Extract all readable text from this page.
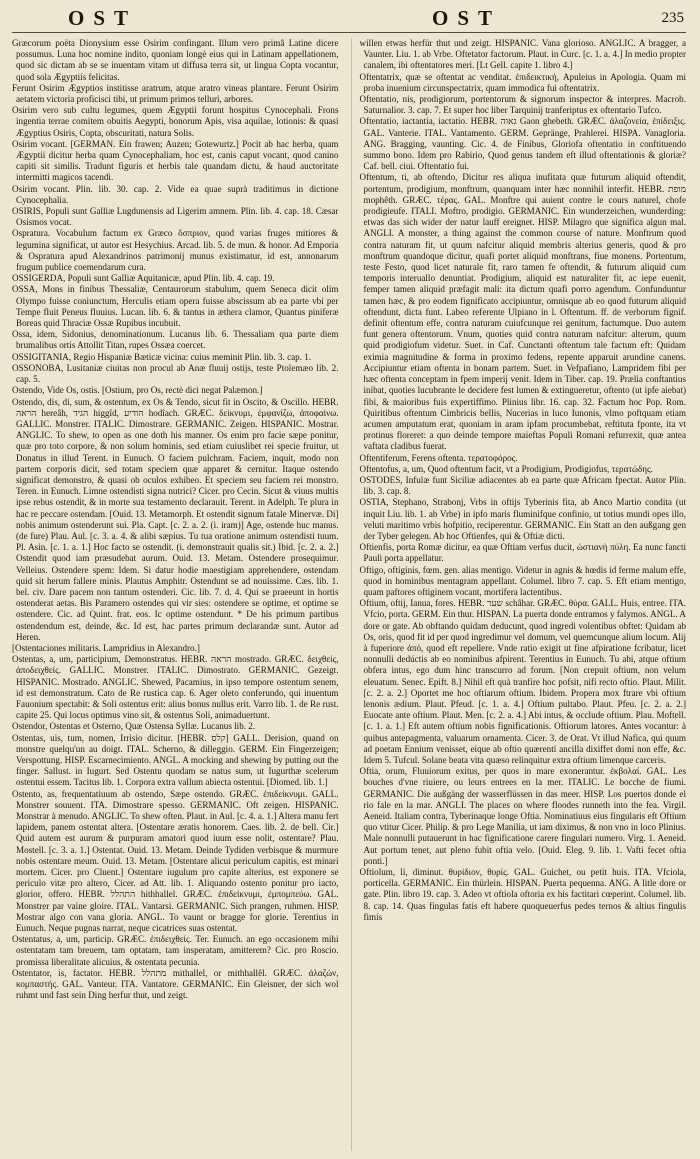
OST	OST	235

Græcorum poëta Dionysium esse Osirim confingant. Illum vero primâ Latine dicere possumus. Luna hoc nomine indito, quoniam longè eius qui in Latinam appellationem, quod sic dictam ab se se inuentam vitam ut diffusa terra sit, ut lingua Copta vocantur, quod sola Ægyptiis felicitas.

Ferunt Osirim Ægyptios institisse aratrum, atque aratro vineas plantare. Ferunt Osirim aetatem victoria proficisci tibi, ut primum primos telluri, arbores.

Osirim vero sub cultu legumes, quem Ægyptii forunt hospitus Cynocephali. Frons ingentia terrae comitem obuitis Aegypti, bonorum Apis, visa aquilae, lotionis: & quasi Ægyptius Osiris, Copta, obscuritati, natura Solis.

Osirim vocant. [GERMAN. Ein frawen; Auzen; Gotewurtz.] Pocit ab hac herba, quam Ægyptii dicitur herba quam Cynocephaliam, hoc est, canis caput vocant, quod canino capiti sit similis. Tradunt figuris et herbis tale quandam dictu, & haud auctoritate intermitti magicos tacendi.

Osirim vocant. Plin. lib. 30. cap. 2. Vide ea quae suprà traditimus in dictione Cynocephalia.

OSIRIS, Populi sunt Galliæ Lugdunensis ad Ligerim amnem. Plin. lib. 4. cap. 18. Cæsar Osismos vocat.

Ospratura. Vocabulum factum ex Græco ὄσπριον, quod varias fruges mitiores & legumina significat, ut autor est Hesychius. Arcad. lib. 5. de mun. & honor. Ad Emporia & Ospratura apud Alexandrinos patrimonij munus existimatur, id est, annonarum frugum publice coemendarum cura.

OSSIGERDA, Populi sunt Galliæ Aquitanicæ, apud Plin. lib. 4. cap. 19.

OSSA, Mons in finibus Thessaliæ, Centaurorum stabulum, quem Seneca dicit olim Olympo fuisse coniunctum, Herculis etiam opera fuisse abscissum ab ea parte vbi per Tempe fluit Peneus fluuius. Lucan. lib. 6. & tantus in æthera clamor, Quantus piniferæ Boreas quid Thraciæ Ossæ Rupibus incubuit.

Ossa, idem, Sidonius, denominationum. Lucanus lib. 6. Thessaliam qua parte diem brumalibus ortis Attollit Titan, rupes Ossæa coercet.

OSSIGITANIA, Regio Hispaniæ Bæticæ vicina: cuius meminit Plin. lib. 3. cap. 1.

OSSONOBA, Lusitaniæ ciuitas non procul ab Anæ fluuij ostijs, teste Ptolemæo lib. 2. cap. 5.

Ostendo, Vide Os, ostis. [Ostium, pro Os, rectè dici negat Palæmon.]

Ostendo, dis, di, sum, & ostentum, ex Os & Tendo, sicut fit in Oscito, & Oscillo. HEBR. הראה hereâh, הגיד higgîd, הודיע hodîach. GRÆC. δείκνυμι, ἐμφανίζω, ἀποφαίνω. GALLIC. Monstrer. ITALIC. Dimostrare. GERMANIC. Zeigen. HISPANIC. Mostrar. ANGLIC. To shew, to open as one doth his manner. Os enim pro facie sæpe ponitur, quæ pro toto corpore, & non solum hominis, sed etiam cuiuslibet rei specie fruitur, ut Donatus in illud Terent. in Eunuch. O faciem pulchram. Faciem, inquit, modo non partem corporis dicit, sed totam speciem quæ apparet & cernitur. Itaque ostendo significat demonstro, & quasi ob oculos exhibeo. Et speciem seu faciem rei monstro. Teren. in Eunuch. Limne ostendisti signa nutrici? Cicer. pro Cecin. Sicut & viuus multis ipse rebus ostendit, & in morte sua testamento declarauit. Terent. in Adelph. Te plura in hac re peccare ostendam. [Ouid. 13. Metamorph. Et ostendit signum fatale Minervæ. Di] nobis animum ostenderunt sui. Pla. Capt. [c. 2. a. 2. (i. iram)] Age, ostende huc manus. (de fure) Plau. Aul. [c. 3. a. 4. & alibi sæpius. Tu tua oratione animum ostendisti tuum. Pl. Asin. [c. 1. a. 1.] Hoc facto se ostendit. (i. demonstrauit qualis sit.) Ibid. [c. 2. a. 2.] Ostendit quod iam præsudebat aurum. Ouid. 13. Metam. Ostendere prosequimur. Velleius. Ostendere spem: Idem. Si datur hodie maestigiam apprehendere, ostendam quid sit herum fallere minis. Plautus Amphitr. Ostendunt se ad nouissime. Cæs. lib. 1. bel. civ. Dare pacem non tantum ostenderi. Cic. lib. 7. d. 4. Qui se praeeunt in hortis ostenderat aetas. Bis Paramero ostendes qui vir sies: ostendere se optime, et optime se ostendere. Cic. ad Quint. frat. eos. Ic optime ostendunt. * De his primum partibus ostendendum est, deinde, &c. Id est, hac partes primum declarandæ sunt. Autor ad Heren.

[Ostentaciones militaris. Lampridius in Alexandro.]

Ostentas, a, um, participium, Demonstratus. HEBR. הראה mostrado. GRÆC. δειχθείς, ἀποδειχθείς. GALLIC. Monstrer. ITALIC. Dimostrato. GERMANIC. Gezeigt. HISPANIC. Mostrado. ANGLIC. Shewed, Pacamius, in ipso tempore ostentum senem, id est demonstratum. Cato de Re rustica cap. 6. Ager oleto conferundo, qui inuentum Fauonium spectabit: & Soli ostentus erit: alius bonus nullus erit. Varro lib. 1. de Re rust. capite 25. Qui locus optimus vino sit, & ostentus Soli, animaduertunt.

Ostendor, Ostentas et Osterno, Quæ Ostensa Syllæ. Lucanus lib. 2.

Ostentas, uis, tum, nomen, Irrisio dicitur. [HEBR. קלס] GALL. Derision, quand on monstre quelqu'un au doigt. ITAL. Scherno, & dilleggio. GERM. Ein Fingerzeigen; Verspottung. HISP. Escarnecimiento. ANGL. A mocking and shewing by putting out the finger. Sallust. in Iugurt. Sed Ostentu quodam se natus sum, ut Iugurthæ scelerum ostentui essem. Tacitus lib. 1. Corpora extra vallum abiecta ostentui. [Diomed. lib. 1.]

Ostento, as, frequentatiuum ab ostendo, Sæpe ostendo. GRÆC. ἐπιδείκνυμι. GALL. Monstrer souuent. ITA. Dimostrare spesso. GERMANIC. Oft zeigen. HISPANIC. Monstrar à menudo. ANGLIC. To shew often. Plaut. in Aul. [c. 4. a. 1.] Altera manu fert lapidem, panem ostentat altera. [Ostentare æratis honorem. Caes. lib. 2. de bell. Cir.] Quid autem est aurum & purpuram amatori quod iuum esse nolit, ostentare? Plau. Mostell. [c. 3. a. 1.] Ostentat. Ouid. 13. Metam. Deinde Tydiden verbisque & murmure nobis ostentare meum. Ouid. 13. Metam. [Ostentare alicui periculum capitis, est minari mortem. Cicer. pro Cluent.] Ostentare iugulum pro capite alterius, est exponere se periculo vitæ pro altero, Cicer. ad Att. lib. 1. Aliquando ostento ponitur pro iacto, glorior, offero. HEBR. התהלל hithhallel. GRÆC. ἐπιδείκνυμι, ἐμπομπεύω. GAL. Monstrer par vaine gloire. ITAL. Vantarsi. GERMANIC. Sich prangen, ruhmen. HISP. Mostrar algo con vana gloria. ANGL. To vaunt or bragge for glorie. Terentius in Eunuch. Neque pugnas narrat, neque cicatrices suas ostentat.

Ostentatus, a, um, particip. GRÆC. ἐπιδειχθείς. Ter. Eunuch. an ego occasionem mihi ostentatam tam breuem, tam optatam, tam insperatam, amitterem? Cic. pro Roscio. promissa liberalitate alicuius, & ostentata pecunia.

Ostentator, is, factator. HEBR. מתהלל mithallel, or mithhallêl. GRÆC. ἀλαζών, κομπαστής. GAL. Vanteur. ITA. Vantatore. GERMANIC. Ein Gleisner, der sich wol ruhmt und fast sein Ding herfur thut, und zeigt.

willen etwas herfür thut und zeigt. HISPANIC. Vana glorioso. ANGLIC. A bragger, a Vaunter. Liu. 1. ab Vrbe. Oftetator factorum. Plaut. in Curc. [c. 1. a. 4.] In medio propter canalem, ibi oftentatores meri. [Lt Gell. capite 1. libro 4.]

Oftentatrix, quæ se oftentat ac venditat. ἐπιδεικτική, Apuleius in Apologia. Quam mi proba inuenium circunspectatrix, quam immodica fui oftentatrix.

Oftentatio, nis, prodigiorum, portentorum & signorum inspector & interpres. Macrob. Saturnalior. 3. cap. 7. Et super hoc liber Tarquinij tranferiptus ex oftentario Tufco.

Oftentatio, iactantia, iactatio. HEBR. גאוה Gaon ghebeth. GRÆC. ἀλαζονεία, ἐπίδειξις. GAL. Vanterie. ITAL. Vantamento. GERM. Gepränge, Prahlerei. HISPA. Vanagloria. ANG. Bragging, vaunting. Cic. 4. de Finibus, Gloriofa oftentatio in conftituendo summo bono. Idem pro Rabirio, Quod genus tandem eft illud oftentationis & gloriæ? Caf. bell. ciui. Oftentatio fui.

Oftentum, ti, ab oftendo, Dicitur res aliqua inufitata quæ futurum aliquid oftendit, portentum, prodigium, monftrum, quanquam inter hæc nonnihil interfit. HEBR. מופת mophêth. GRÆC. τέρας. GAL. Monftre qui auient contre le cours naturel, chofe prodigieufe. ITALI. Moftro, prodigio. GERMANIC. Ein wunderzeichen, wunderding: etwas das sich wider der natur lauff ereignet. HISP. Milagro que significa algun mal. ANGLI. A monster, a thing against the common course of nature. Monftrum quod contra naturam fit, ut quum nafcitur aliquid membris alterius generis, quod & pro monftrum quandoque dicitur, quafi portet aliquid monftrans, fiue monens. Portentum, teste Festo, quod licet naturale fit, raro tamen fe oftendit, & futurum aliquid cum temporis interuallo denuntiat. Prodigium, aliquid est naturaliter fit, ac iepe euenit, femper tamen aliquid præfagit mali: ita dictum quafi porro agendum. Confunduntur tamen hæc, & pro eodem fignificato accipiuntur, omnisque ab eo quod futurum aliquid oftendunt, dicta funt. Labeo referente Ulpiano in l. Oftentum. ff. de verborum fignif. definit oftentum effe, contra naturam cuiufcunque rei genitum, factumque. Duo autem funt genera oftentorum. Vnum, quoties quid contra naturam nafcitur: alterum, quum quid prodigiofum videtur. Suet. in Caf. Cunctanti oftentum tale factum eft: Quidam eximia magnitudine & forma in proximo fedens, repente apparuit arundine canens. Accipiuntur etiam oftenta in bonam partem. Suet. in Vefpafiano, Lampridem fibi per hæc oftenta conceptam in fpem imperij venit. Idem in Tiber. cap. 19. Prælia conftantius inibat, quoties lucubrante le decidere fest lumen & extingueretur, oftento (ut ipfe aiebat) fibi, & maioribus fuis expertiffimo. Plinius libr. 16. cap. 32. Factum hoc Pop. Rom. Quiritibus oftentum Cimbricis bellis, Nucerias in luco Iunonis, vlmo poftquam etiam acumen amputatum erat, quoniam in aram ipfam procumbebat, reftituta fponte, ita vt protinus floreret: a quo deinde tempore maieftas Populi Romani refurrexit, quæ antea vaftata cladibus fuerat.

Oftentiferum, Ferens oftenta. τερατοφόρος.

Oftentofus, a, um, Quod oftentum facit, vt a Prodigium, Prodigiofus, τερατώδης.

OSTODES, Infulæ funt Siciliæ adiacentes ab ea parte quæ Africam fpectat. Autor Plin. lib. 3. cap. 8.

OSTIA, Stephano, Strabonj, Vrbs in oftijs Tyberinis fita, ab Anco Martio condita (ut inquit Liu. lib. 1. ab Vrbe) in ipfo maris fluminifque confinio, ut totius mundi opes illo, veluti maritimo vrbis hofpitio, reciperentur. GERMANIC. Ein Statt an den außgang gen der Tyber gelegen. Ab hoc Oftienfes, qui & Oftiæ dicti.

Oftienfis, porta Romæ dicitur, ea quæ Oftiam verfus ducit, ὠστιανὴ πύλη. Ea nunc fancti Pauli porta appellatur.

Oftigo, oftiginis, fœm. gen. alias mentigo. Videtur in agnis & hœdis id ferme malum effe, quod in hominibus mentagram appellant. Columel. libro 7. cap. 5. Eft etiam mentigo, quam paftores oftiginem vocant, mortifera lactentibus.

Oftium, oftij, Ianua, fores. HEBR. שער schâhar. GRÆC. θύρα. GALL. Huis, entree. ITA. Vfcio, porta. GERM. Ein thur. HISPAN. La puerta donde entramos y falymos. ANGL. A dore or gate. Ab obftando quidam deducunt, quod ingredi volentibus obftet: Quidam ab Os, oris, quod fit id per quod ingredimur vel domum, vel quemcunque alium locum. Alij à fuperiore ἀπό, quod eft repellere. Vnde ratio exigit ut fine afpiratione fcribatur, licet nonnulli dedúctis ab eo nominibus afpirent. Terentius in Eunuch. Tu abi, atque oftium obfera intus, ego dum hinc transcurro ad forum. [Non crepuit oftium, non velum eleuatum. Senec. Epift. 8.] Nihil eft quà tranfire hoc pofsit, nifi recto oftio. Plaut. Milit. [c. 2. a. 2.] Oportet me hoc oftiarum oftium. Ibidem. Propera mox ftrare vbi oftium lenonis ædium. Plaut. Pfeud. [c. 1. a. 4.] Oftium pultabo. Plaut. Pfeu. [c. 2. a. 2.] Euocate ante oftium. Plaut. Men. [c. 2. a. 4.] Abi intus, & occlude oftium. Plau. Moftell. [c. 1. a. 1.] Eft autem oftium nobis fignificationis. Oftiorum latores. Antes vocantur: à quibus antepagmenta, valuarum ornamenta. Cicer. 3. de Orat. Vt illud Nafica, qui quum ad poetam Ennium venisset, eique ab oftio quærenti ancilla dixiffet domi non effe, &c. Idem 5. Tufcul. Solane beata vita quæso relinquitur extra oftium limenque carceris.

Oftia, orum, Fluuiorum exitus, per quos in mare exonerantur. ἐκβολαί. GAL. Les bouches d'vne riuiere, ou leurs entrees en la mer. ITALIC. Le bocche de fiumi. GERMANIC. Die außgäng der wasserflüssen in das meer. HISP. Los puertos donde el rio fale en la mar. ANGLI. The places on where floodes runneth into the fea. Virgil. Aeneid. Italiam contra, Tyberinaque longe Oftia. Nominatiuus eius fingularis eft Oftium quo vtitur Cicer. Philip. & pro Lege Manilia, ut iam diximus, & non vno in loco Plinius. Male nonnulli putauerunt in hac fignificatione carere fingulari numero. Virg. 1. Aeneid. Aut portum tenet, aut pleno fubit oftia velo. [Ouid. Eleg. 9. lib. 1. Vafti fecet oftia ponti.]

Oftiolum, li, diminut. θυρίδιον, θυρίς. GAL. Guichet, ou petit huis. ITA. Vfciola, porticella. GERMANIC. Ein thürlein. HISPAN. Puerta pequenna. ANG. A litle dore or gate. Plin. libro 19. cap. 3. Adeo vt oftiola oftoria ex his factitari cœperint. Columel. lib. 8. cap. 14. Quas fingulas fatis eft habere quoqueuerfus pedes ternos & altius fingulis fimis
